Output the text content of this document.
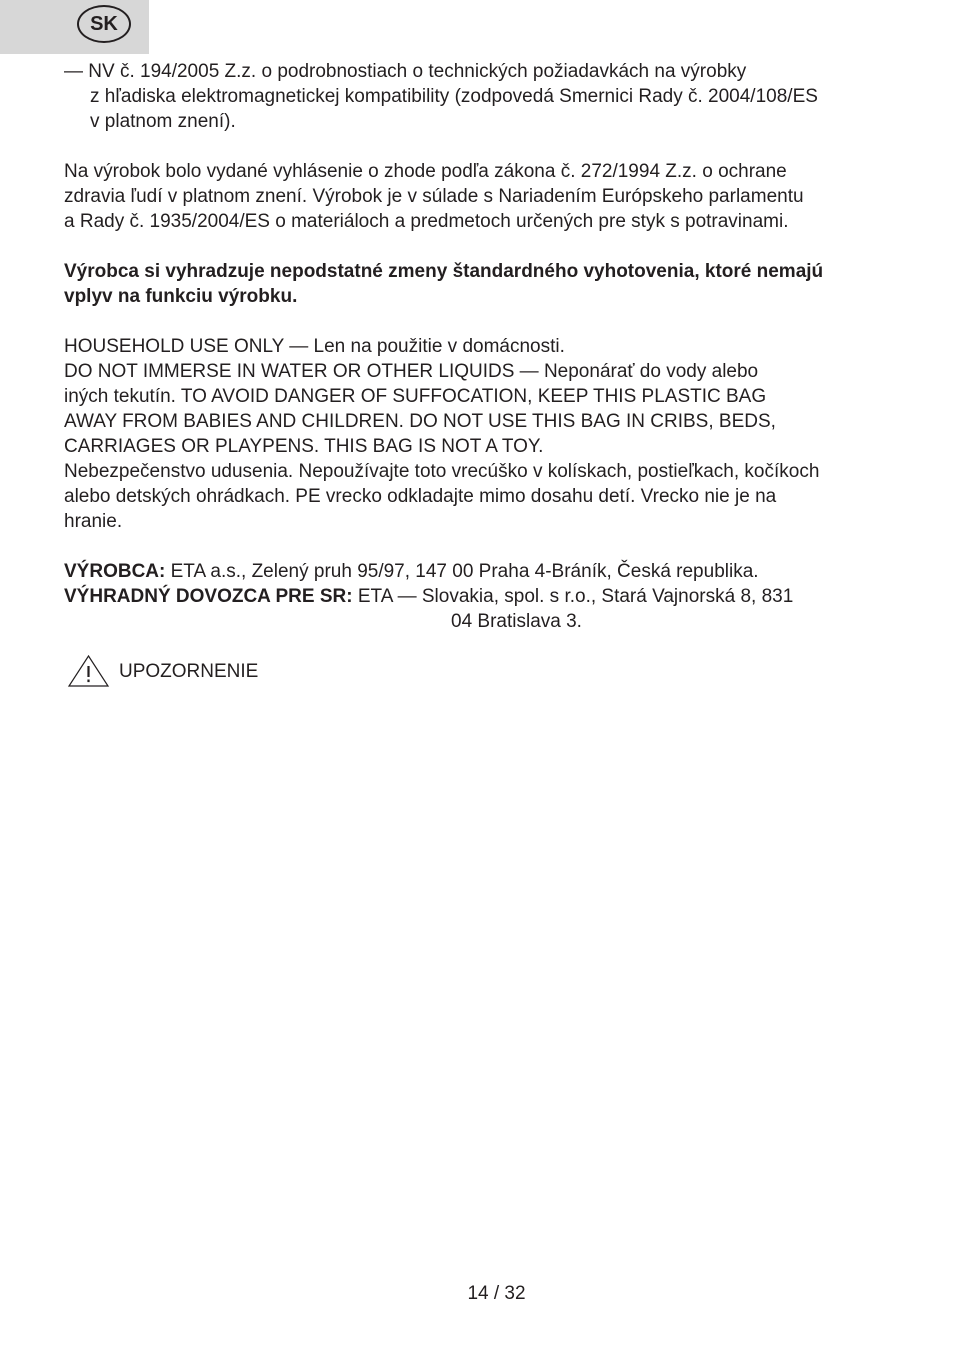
SK

— NV č. 194/2005 Z.z. o podrobnostiach o technických požiadavkách na výrobky

z hľadiska elektromagnetickej kompatibility (zodpovedá Smernici Rady č. 2004/108/ES

v platnom znení).

Na výrobok bolo vydané vyhlásenie o zhode podľa zákona č. 272/1994 Z.z. o ochrane

zdravia ľudí v platnom znení. Výrobok je v súlade s Nariadením Európskeho parlamentu

a Rady č. 1935/2004/ES o materiáloch a predmetoch určených pre styk s potravinami.

Výrobca si vyhradzuje nepodstatné zmeny štandardného vyhotovenia, ktoré nemajú

vplyv na funkciu výrobku.

HOUSEHOLD USE ONLY — Len na použitie v domácnosti.

DO NOT IMMERSE IN WATER OR OTHER LIQUIDS — Neponárať do vody alebo

iných tekutín. TO AVOID DANGER OF SUFFOCATION, KEEP THIS PLASTIC BAG

AWAY FROM BABIES AND CHILDREN. DO NOT USE THIS BAG IN CRIBS, BEDS,

CARRIAGES OR PLAYPENS. THIS BAG IS NOT A TOY.

Nebezpečenstvo udusenia. Nepoužívajte toto vrecúško v kolískach, postieľkach, kočíkoch

alebo detských ohrádkach. PE vrecko odkladajte mimo dosahu detí. Vrecko nie je na

hranie.

VÝROBCA: ETA a.s., Zelený pruh 95/97, 147 00 Praha 4-Bráník, Česká republika.

VÝHRADNÝ DOVOZCA PRE SR: ETA — Slovakia, spol. s r.o., Stará Vajnorská 8, 831

04 Bratislava 3.

UPOZORNENIE
14 / 32
